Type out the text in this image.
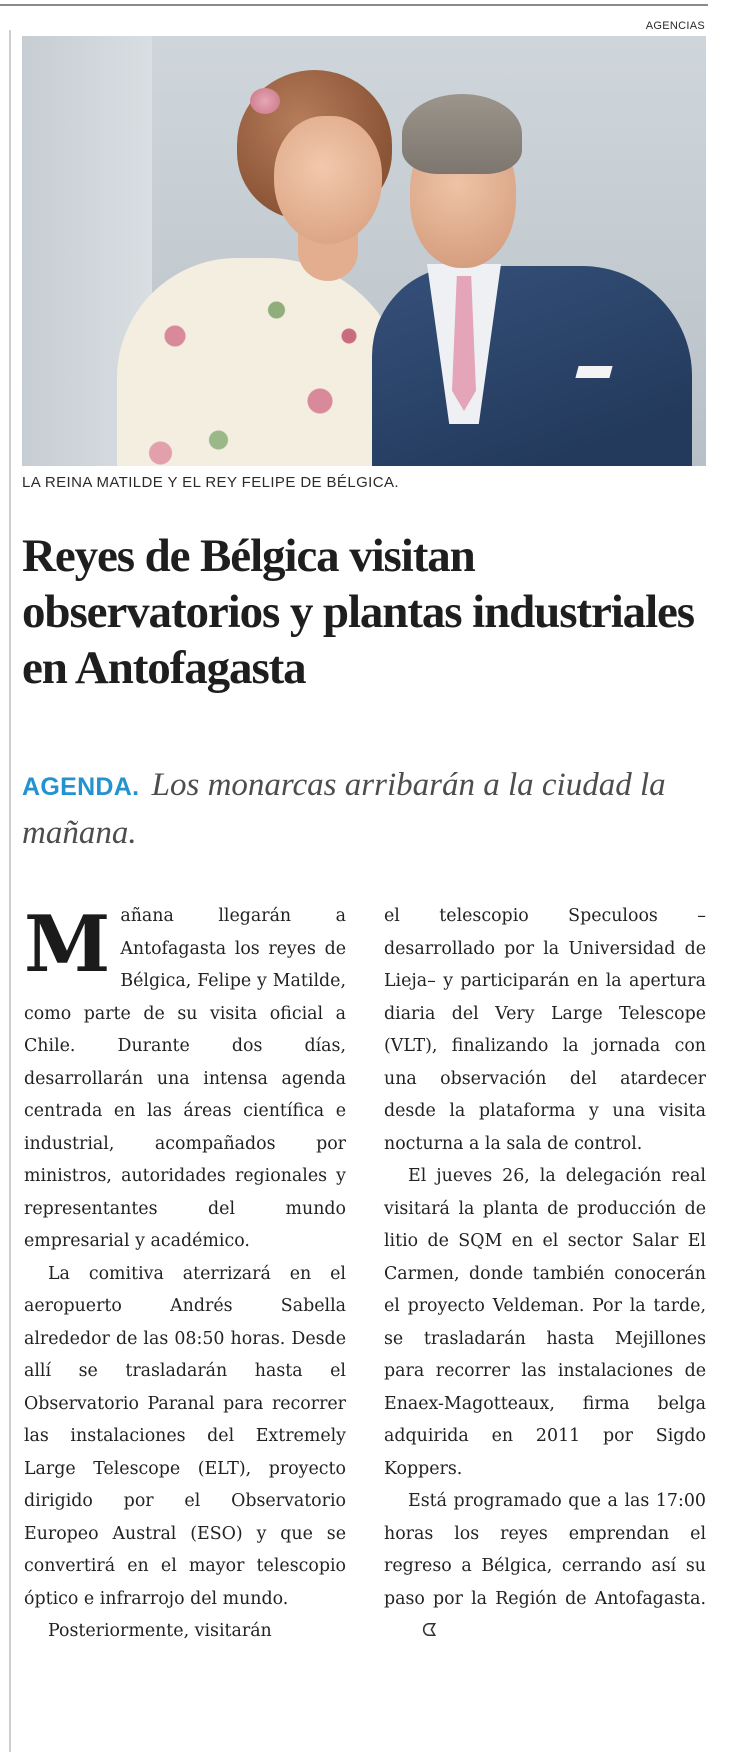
AGENCIAS
LA REINA MATILDE Y EL REY FELIPE DE BÉLGICA.
Reyes de Bélgica visitan observatorios y plantas industriales en Antofagasta
AGENDA. Los monarcas arribarán a la ciudad la mañana.

Mañana llegarán a Antofagasta los reyes de Bélgica, Felipe y Matilde, como parte de su visita oficial a Chile. Durante dos días, desarrollarán una intensa agenda centrada en las áreas científica e industrial, acompañados por ministros, autoridades regionales y representantes del mundo empresarial y académico.

La comitiva aterrizará en el aeropuerto Andrés Sabella alrededor de las 08:50 horas. Desde allí se trasladarán hasta el Observatorio Paranal para recorrer las instalaciones del Extremely Large Telescope (ELT), proyecto dirigido por el Observatorio Europeo Austral (ESO) y que se convertirá en el mayor telescopio óptico e infrarrojo del mundo.

Posteriormente, visitarán

el telescopio Speculoos –desarrollado por la Universidad de Lieja– y participarán en la apertura diaria del Very Large Telescope (VLT), finalizando la jornada con una observación del atardecer desde la plataforma y una visita nocturna a la sala de control.

El jueves 26, la delegación real visitará la planta de producción de litio de SQM en el sector Salar El Carmen, donde también conocerán el proyecto Veldeman. Por la tarde, se trasladarán hasta Mejillones para recorrer las instalaciones de Enaex-Magotteaux, firma belga adquirida en 2011 por Sigdo Koppers.

Está programado que a las 17:00 horas los reyes emprendan el regreso a Bélgica, cerrando así su paso por la Región de Antofagasta.ᗧ
